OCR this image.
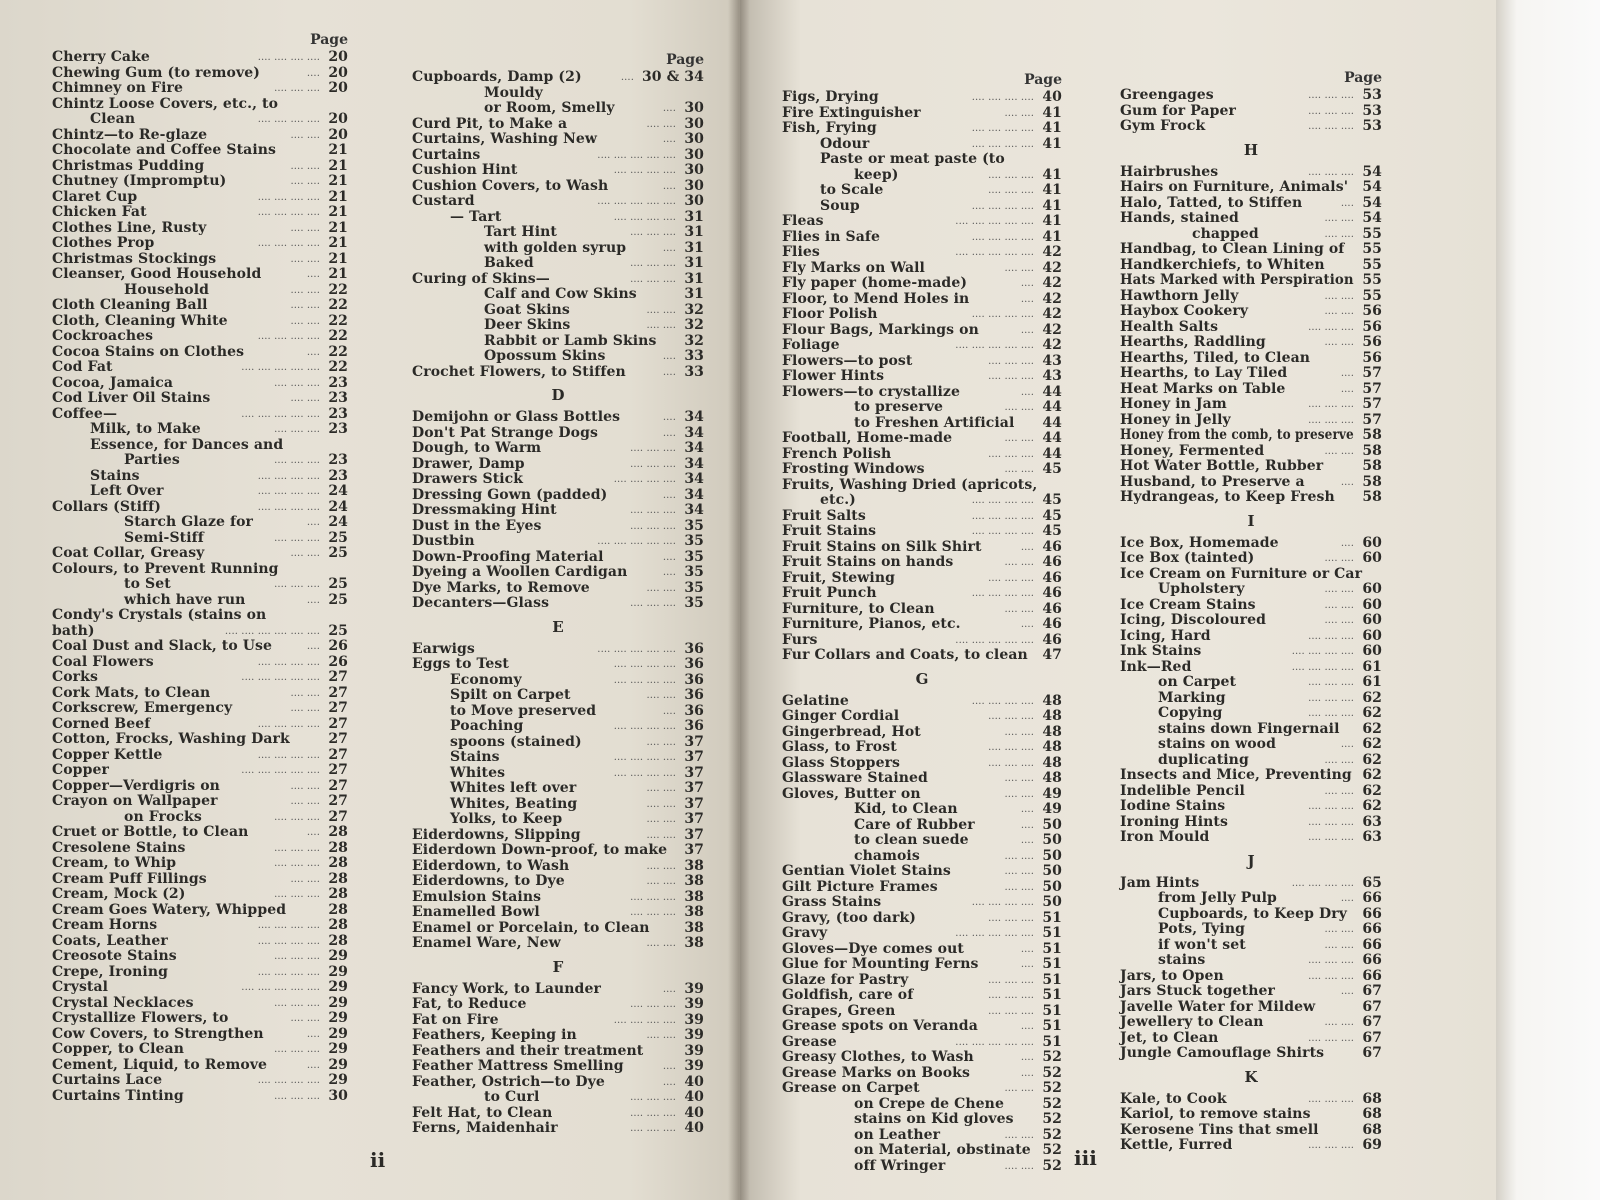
Page
Cherry Cake	.... .... .... .... 20
Chewing Gum (to remove)	.... 20
Chimney on Fire	.... .... .... 20
Chintz Loose Covers, etc., to
Clean	.... .... .... .... 20
Chintz—to Re-glaze	.... .... 20
Chocolate and Coffee Stains	21
Christmas Pudding	.... .... 21
Chutney (Impromptu)	.... .... 21
Claret Cup	.... .... .... .... 21
Chicken Fat	.... .... .... .... 21
Clothes Line, Rusty	.... .... 21
Clothes Prop	.... .... .... .... 21
Christmas Stockings	.... .... 21
Cleanser, Good Household	.... 21
Household	.... .... 22
Cloth Cleaning Ball	.... .... 22
Cloth, Cleaning White	.... .... 22
Cockroaches	.... .... .... .... 22
Cocoa Stains on Clothes	.... 22
Cod Fat	.... .... .... .... .... 22
Cocoa, Jamaica	.... .... .... 23
Cod Liver Oil Stains	.... .... 23
Coffee—	.... .... .... .... .... 23
Milk, to Make	.... .... .... 23
Essence, for Dances and
Parties	.... .... .... 23
Stains	.... .... .... .... 23
Left Over	.... .... .... .... 24
Collars (Stiff)	.... .... .... .... 24
Starch Glaze for	.... 24
Semi-Stiff	.... .... .... 25
Coat Collar, Greasy	.... .... 25
Colours, to Prevent Running
to Set	.... .... .... 25
which have run	.... 25
Condy's Crystals (stains on
bath)	.... .... .... .... .... .... 25
Coal Dust and Slack, to Use	.... 26
Coal Flowers	.... .... .... .... 26
Corks	.... .... .... .... .... 27
Cork Mats, to Clean	.... .... 27
Corkscrew, Emergency	.... .... 27
Corned Beef	.... .... .... .... 27
Cotton, Frocks, Washing Dark	27
Copper Kettle	.... .... .... .... 27
Copper	.... .... .... .... .... 27
Copper—Verdigris on	.... .... 27
Crayon on Wallpaper	.... .... 27
on Frocks	.... .... .... 27
Cruet or Bottle, to Clean	.... 28
Cresolene Stains	.... .... .... 28
Cream, to Whip	.... .... .... 28
Cream Puff Fillings	.... .... 28
Cream, Mock (2)	.... .... .... 28
Cream Goes Watery, Whipped	28
Cream Horns	.... .... .... .... 28
Coats, Leather	.... .... .... .... 28
Creosote Stains	.... .... .... 29
Crepe, Ironing	.... .... .... .... 29
Crystal	.... .... .... .... .... 29
Crystal Necklaces	.... .... .... 29
Crystallize Flowers, to	.... .... 29
Cow Covers, to Strengthen	.... 29
Copper, to Clean	.... .... .... 29
Cement, Liquid, to Remove	.... 29
Curtains Lace	.... .... .... .... 29
Curtains Tinting	.... .... .... 30
Page
Cupboards, Damp (2)	.... 30 & 34
Mouldy
or Room, Smelly	.... 30
Curd Pit, to Make a	.... .... 30
Curtains, Washing New	.... 30
Curtains	.... .... .... .... .... 30
Cushion Hint	.... .... .... .... 30
Cushion Covers, to Wash	.... 30
Custard	.... .... .... .... .... 30
— Tart	.... .... .... .... 31
Tart Hint	.... .... .... 31
with golden syrup	.... 31
Baked	.... .... .... 31
Curing of Skins—	.... .... .... 31
Calf and Cow Skins	31
Goat Skins	.... .... 32
Deer Skins	.... .... 32
Rabbit or Lamb Skins 32
Opossum Skins	.... 33
Crochet Flowers, to Stiffen	.... 33
D
Demijohn or Glass Bottles	.... 34
Don't Pat Strange Dogs	.... 34
Dough, to Warm	.... .... .... 34
Drawer, Damp	.... .... .... 34
Drawers Stick	.... .... .... .... 34
Dressing Gown (padded)	.... 34
Dressmaking Hint	.... .... .... 34
Dust in the Eyes	.... .... .... 35
Dustbin	.... .... .... .... .... 35
Down-Proofing Material	.... 35
Dyeing a Woollen Cardigan	.... 35
Dye Marks, to Remove	.... .... 35
Decanters—Glass	.... .... .... 35
E
Earwigs	.... .... .... .... .... 36
Eggs to Test	.... .... .... .... 36
Economy	.... .... .... .... 36
Spilt on Carpet	.... .... 36
to Move preserved	.... 36
Poaching	.... .... .... .... 36
spoons (stained)	.... .... 37
Stains	.... .... .... .... 37
Whites	.... .... .... .... 37
Whites left over	.... .... 37
Whites, Beating	.... .... 37
Yolks, to Keep	.... .... 37
Eiderdowns, Slipping	.... .... 37
Eiderdown Down-proof, to make 37
Eiderdown, to Wash	.... .... 38
Eiderdowns, to Dye	.... .... 38
Emulsion Stains	.... .... .... 38
Enamelled Bowl	.... .... .... 38
Enamel or Porcelain, to Clean 38
Enamel Ware, New	.... .... 38
F
Fancy Work, to Launder	.... 39
Fat, to Reduce	.... .... .... 39
Fat on Fire	.... .... .... .... 39
Feathers, Keeping in	.... .... 39
Feathers and their treatment	39
Feather Mattress Smelling	.... 39
Feather, Ostrich—to Dye	.... 40
to Curl	.... .... .... 40
Felt Hat, to Clean	.... .... .... 40
Ferns, Maidenhair	.... .... .... 40
Page
Figs, Drying	.... .... .... .... 40
Fire Extinguisher	.... .... 41
Fish, Frying	.... .... .... .... 41
Odour	.... .... .... .... 41
Paste or meat paste (to
keep)	.... .... .... 41
to Scale	.... .... .... 41
Soup	.... .... .... .... 41
Fleas	.... .... .... .... .... 41
Flies in Safe	.... .... .... .... 41
Flies	.... .... .... .... .... 42
Fly Marks on Wall	.... .... 42
Fly paper (home-made)	.... 42
Floor, to Mend Holes in	.... 42
Floor Polish	.... .... .... .... 42
Flour Bags, Markings on	.... 42
Foliage	.... .... .... .... .... 42
Flowers—to post	.... .... .... 43
Flower Hints	.... .... .... 43
Flowers—to crystallize	.... 44
to preserve	.... .... 44
to Freshen Artificial 44
Football, Home-made	.... .... 44
French Polish	.... .... .... 44
Frosting Windows	.... .... 45
Fruits, Washing Dried (apricots,
etc.)	.... .... .... .... 45
Fruit Salts	.... .... .... .... 45
Fruit Stains	.... .... .... .... 45
Fruit Stains on Silk Shirt	.... 46
Fruit Stains on hands	.... .... 46
Fruit, Stewing	.... .... .... 46
Fruit Punch	.... .... .... .... 46
Furniture, to Clean	.... .... 46
Furniture, Pianos, etc.	.... 46
Furs	.... .... .... .... .... 46
Fur Collars and Coats, to clean 47
G
Gelatine	.... .... .... .... 48
Ginger Cordial	.... .... .... 48
Gingerbread, Hot	.... .... 48
Glass, to Frost	.... .... .... 48
Glass Stoppers	.... .... .... 48
Glassware Stained	.... .... 48
Gloves, Butter on	.... .... 49
Kid, to Clean	.... 49
Care of Rubber	.... 50
to clean suede	.... 50
chamois	.... .... 50
Gentian Violet Stains	.... .... 50
Gilt Picture Frames	.... .... 50
Grass Stains	.... .... .... .... 50
Gravy, (too dark)	.... .... .... 51
Gravy	.... .... .... .... .... 51
Gloves—Dye comes out	.... 51
Glue for Mounting Ferns	.... 51
Glaze for Pastry	.... .... .... 51
Goldfish, care of	.... .... .... 51
Grapes, Green	.... .... .... 51
Grease spots on Veranda	.... 51
Grease	.... .... .... .... .... 51
Greasy Clothes, to Wash	.... 52
Grease Marks on Books	.... 52
Grease on Carpet	.... .... 52
on Crepe de Chene	52
stains on Kid gloves 52
on Leather	.... .... 52
on Material, obstinate 52
off Wringer	.... .... 52
Page
Greengages	.... .... .... 53
Gum for Paper	.... .... .... 53
Gym Frock	.... .... .... 53
H
Hairbrushes	.... .... .... 54
Hairs on Furniture, Animals' 54
Halo, Tatted, to Stiffen	.... 54
Hands, stained	.... .... 54
chapped	.... .... 55
Handbag, to Clean Lining of 55
Handkerchiefs, to Whiten	55
Hats Marked with Perspiration 55
Hawthorn Jelly	.... .... 55
Haybox Cookery	.... .... 56
Health Salts	.... .... .... 56
Hearths, Raddling	.... .... 56
Hearths, Tiled, to Clean	56
Hearths, to Lay Tiled	.... 57
Heat Marks on Table	.... 57
Honey in Jam	.... .... .... 57
Honey in Jelly	.... .... .... 57
Honey from the comb, to preserve 58
Honey, Fermented	.... .... 58
Hot Water Bottle, Rubber	58
Husband, to Preserve a	.... 58
Hydrangeas, to Keep Fresh 58
I
Ice Box, Homemade	.... 60
Ice Box (tainted)	.... .... 60
Ice Cream on Furniture or Car
Upholstery	.... .... 60
Ice Cream Stains	.... .... 60
Icing, Discoloured	.... .... 60
Icing, Hard	.... .... .... 60
Ink Stains	.... .... .... .... 60
Ink—Red	.... .... .... .... 61
on Carpet	.... .... .... 61
Marking	.... .... .... 62
Copying	.... .... .... 62
stains down Fingernail 62
stains on wood	.... 62
duplicating	.... .... 62
Insects and Mice, Preventing 62
Indelible Pencil	.... .... 62
Iodine Stains	.... .... .... 62
Ironing Hints	.... .... .... 63
Iron Mould	.... .... .... 63
J
Jam Hints	.... .... .... .... 65
from Jelly Pulp	.... 66
Cupboards, to Keep Dry 66
Pots, Tying	.... .... 66
if won't set	.... .... 66
stains	.... .... .... 66
Jars, to Open	.... .... .... 66
Jars Stuck together	.... 67
Javelle Water for Mildew	67
Jewellery to Clean	.... .... 67
Jet, to Clean	.... .... .... 67
Jungle Camouflage Shirts	67
K
Kale, to Cook	.... .... .... 68
Kariol, to remove stains	68
Kerosene Tins that smell	68
Kettle, Furred	.... .... .... 69
ii	iii
